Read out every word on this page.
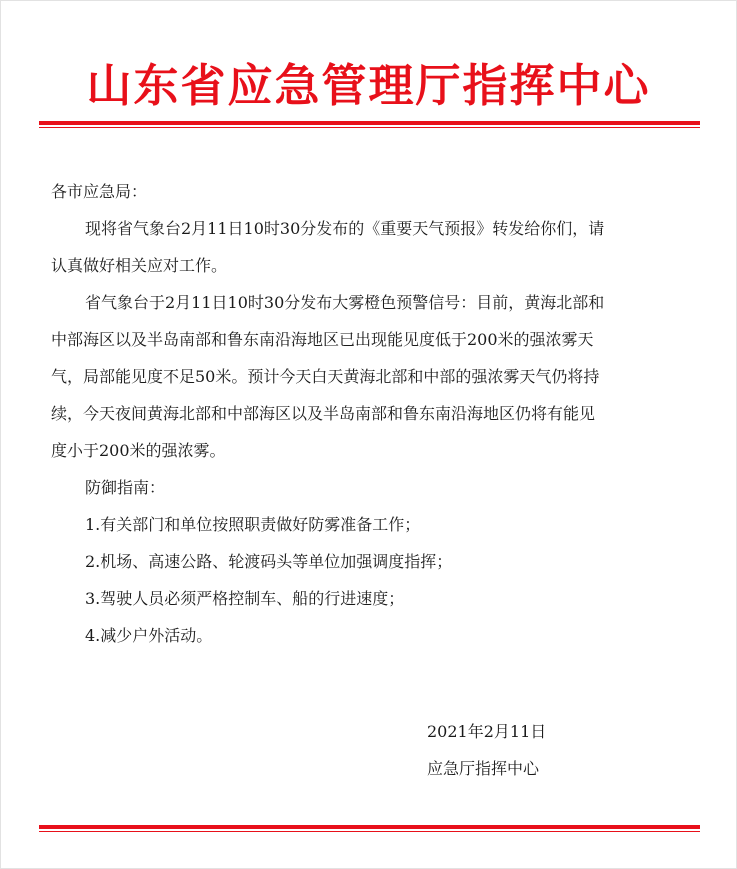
山东省应急管理厅指挥中心
各市应急局：
现将省气象台2月11日10时30分发布的《重要天气预报》转发给你们，请
认真做好相关应对工作。
省气象台于2月11日10时30分发布大雾橙色预警信号：目前，黄海北部和
中部海区以及半岛南部和鲁东南沿海地区已出现能见度低于200米的强浓雾天
气，局部能见度不足50米。预计今天白天黄海北部和中部的强浓雾天气仍将持
续，今天夜间黄海北部和中部海区以及半岛南部和鲁东南沿海地区仍将有能见
度小于200米的强浓雾。
防御指南：
1.有关部门和单位按照职责做好防雾准备工作；
2.机场、高速公路、轮渡码头等单位加强调度指挥；
3.驾驶人员必须严格控制车、船的行进速度；
4.减少户外活动。
2021年2月11日
应急厅指挥中心
